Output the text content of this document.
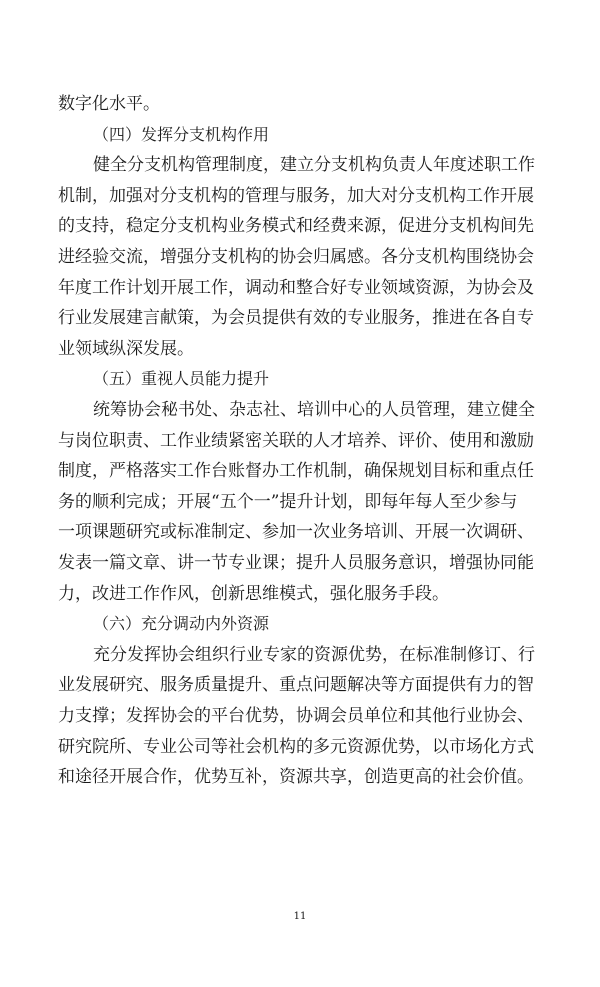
数字化水平。
（四）发挥分支机构作用
健全分支机构管理制度，建立分支机构负责人年度述职工作
机制，加强对分支机构的管理与服务，加大对分支机构工作开展
的支持，稳定分支机构业务模式和经费来源，促进分支机构间先
进经验交流，增强分支机构的协会归属感。各分支机构围绕协会
年度工作计划开展工作，调动和整合好专业领域资源，为协会及
行业发展建言献策，为会员提供有效的专业服务，推进在各自专
业领域纵深发展。
（五）重视人员能力提升
统筹协会秘书处、杂志社、培训中心的人员管理，建立健全
与岗位职责、工作业绩紧密关联的人才培养、评价、使用和激励
制度，严格落实工作台账督办工作机制，确保规划目标和重点任
务的顺利完成；开展“五个一”提升计划，即每年每人至少参与
一项课题研究或标准制定、参加一次业务培训、开展一次调研、
发表一篇文章、讲一节专业课；提升人员服务意识，增强协同能
力，改进工作作风，创新思维模式，强化服务手段。
（六）充分调动内外资源
充分发挥协会组织行业专家的资源优势，在标准制修订、行
业发展研究、服务质量提升、重点问题解决等方面提供有力的智
力支撑；发挥协会的平台优势，协调会员单位和其他行业协会、
研究院所、专业公司等社会机构的多元资源优势，以市场化方式
和途径开展合作，优势互补，资源共享，创造更高的社会价值。
11
